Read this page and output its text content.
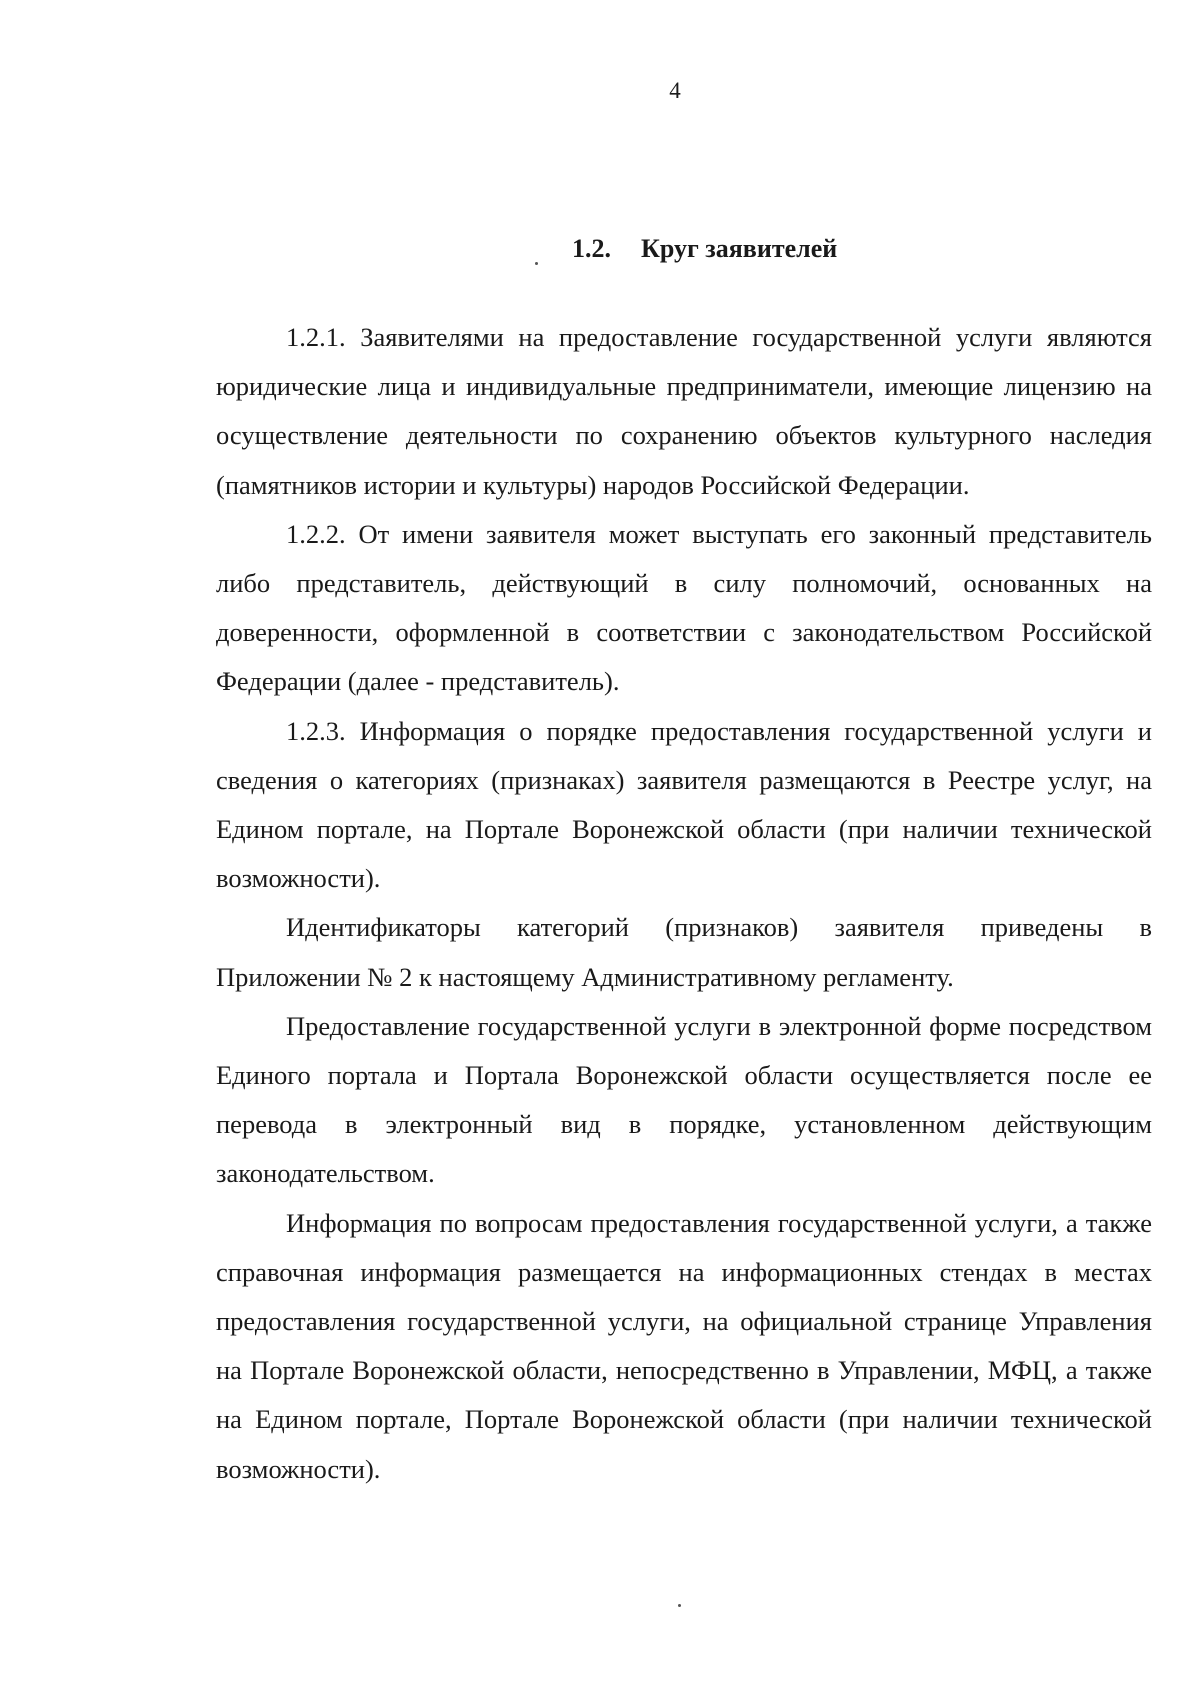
4
1.2. Круг заявителей

1.2.1. Заявителями на предоставление государственной услуги являются юридические лица и индивидуальные предприниматели, имеющие лицензию на осуществление деятельности по сохранению объектов культурного наследия (памятников истории и культуры) народов Российской Федерации.

1.2.2. От имени заявителя может выступать его законный представитель либо представитель, действующий в силу полномочий, основанных на доверенности, оформленной в соответствии с законодательством Российской Федерации (далее - представитель).

1.2.3. Информация о порядке предоставления государственной услуги и сведения о категориях (признаках) заявителя размещаются в Реестре услуг, на Едином портале, на Портале Воронежской области (при наличии технической возможности).

Идентификаторы категорий (признаков) заявителя приведены в Приложении № 2 к настоящему Административному регламенту.

Предоставление государственной услуги в электронной форме посредством Единого портала и Портала Воронежской области осуществляется после ее перевода в электронный вид в порядке, установленном действующим законодательством.

Информация по вопросам предоставления государственной услуги, а также справочная информация размещается на информационных стендах в местах предоставления государственной услуги, на официальной странице Управления на Портале Воронежской области, непосредственно в Управлении, МФЦ, а также на Едином портале, Портале Воронежской области (при наличии технической возможности).
